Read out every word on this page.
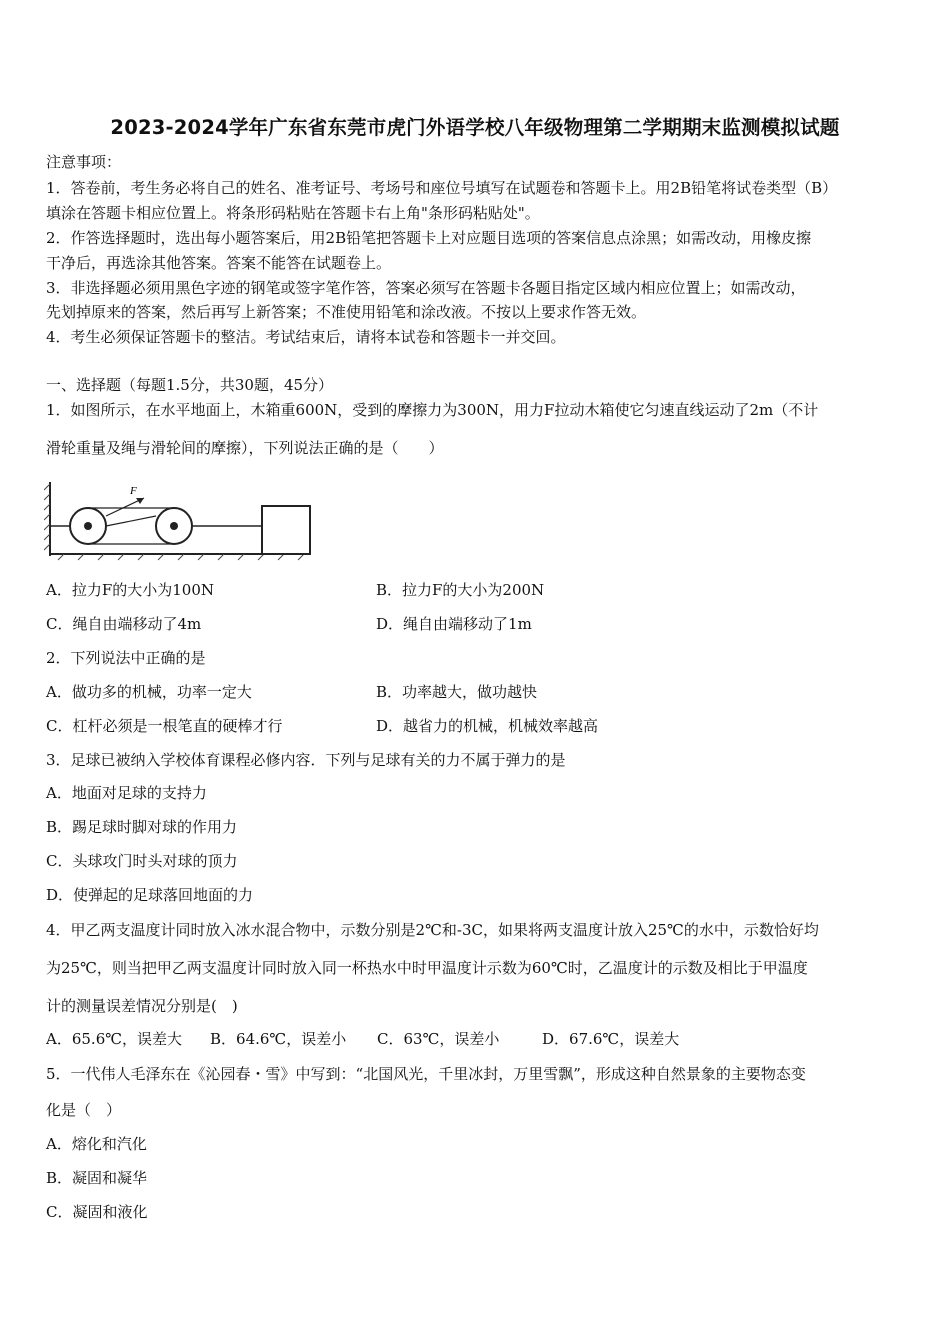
2023-2024学年广东省东莞市虎门外语学校八年级物理第二学期期末监测模拟试题
注意事项：
1．答卷前，考生务必将自己的姓名、准考证号、考场号和座位号填写在试题卷和答题卡上。用2B铅笔将试卷类型（B）
填涂在答题卡相应位置上。将条形码粘贴在答题卡右上角"条形码粘贴处"。
2．作答选择题时，选出每小题答案后，用2B铅笔把答题卡上对应题目选项的答案信息点涂黑；如需改动，用橡皮擦
干净后，再选涂其他答案。答案不能答在试题卷上。
3．非选择题必须用黑色字迹的钢笔或签字笔作答，答案必须写在答题卡各题目指定区域内相应位置上；如需改动，
先划掉原来的答案，然后再写上新答案；不准使用铅笔和涂改液。不按以上要求作答无效。
4．考生必须保证答题卡的整洁。考试结束后，请将本试卷和答题卡一并交回。
一、选择题（每题1.5分，共30题，45分）
1．如图所示，在水平地面上，木箱重600N，受到的摩擦力为300N，用力F拉动木箱使它匀速直线运动了2m（不计
滑轮重量及绳与滑轮间的摩擦），下列说法正确的是（　　）
F
A．拉力F的大小为100N	B．拉力F的大小为200N
C．绳自由端移动了4m	D．绳自由端移动了1m
2．下列说法中正确的是
A．做功多的机械，功率一定大	B．功率越大，做功越快
C．杠杆必须是一根笔直的硬棒才行	D．越省力的机械，机械效率越高
3．足球已被纳入学校体育课程必修内容．下列与足球有关的力不属于弹力的是
A．地面对足球的支持力
B．踢足球时脚对球的作用力
C．头球攻门时头对球的顶力
D．使弹起的足球落回地面的力
4．甲乙两支温度计同时放入冰水混合物中，示数分别是2℃和-3C，如果将两支温度计放入25℃的水中，示数恰好均
为25℃，则当把甲乙两支温度计同时放入同一杯热水中时甲温度计示数为60℃时，乙温度计的示数及相比于甲温度
计的测量误差情况分别是(　)
A．65.6℃，误差大 B．64.6℃，误差小 C．63℃，误差小	D．67.6℃，误差大
5．一代伟人毛泽东在《沁园春・雪》中写到：“北国风光，千里冰封，万里雪飘”，形成这种自然景象的主要物态变
化是（　）
A．熔化和汽化
B．凝固和凝华
C．凝固和液化
